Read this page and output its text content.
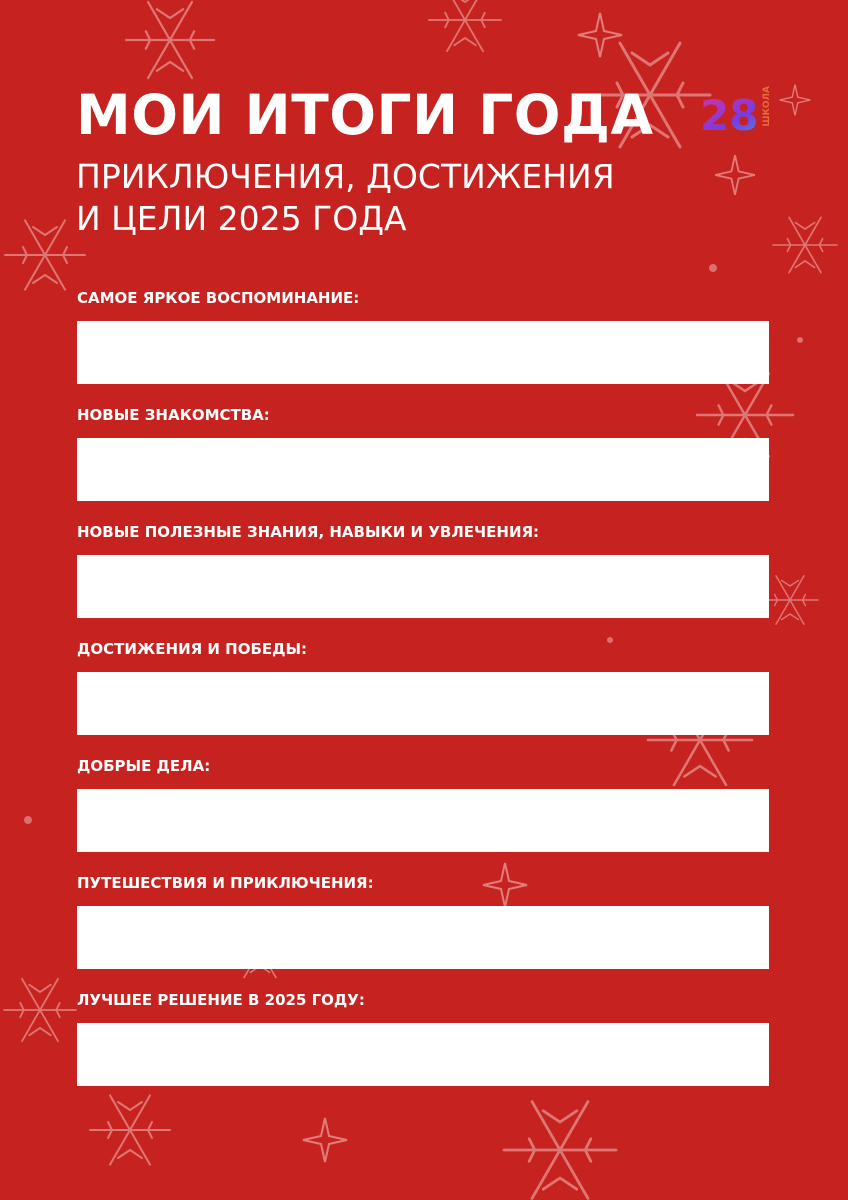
МОИ ИТОГИ ГОДА
ПРИКЛЮЧЕНИЯ, ДОСТИЖЕНИЯ
И ЦЕЛИ 2025 ГОДА
28 ШКОЛА
САМОЕ ЯРКОЕ ВОСПОМИНАНИЕ:
НОВЫЕ ЗНАКОМСТВА:
НОВЫЕ ПОЛЕЗНЫЕ ЗНАНИЯ, НАВЫКИ И УВЛЕЧЕНИЯ:
ДОСТИЖЕНИЯ И ПОБЕДЫ:
ДОБРЫЕ ДЕЛА:
ПУТЕШЕСТВИЯ И ПРИКЛЮЧЕНИЯ:
ЛУЧШЕЕ РЕШЕНИЕ В 2025 ГОДУ:
